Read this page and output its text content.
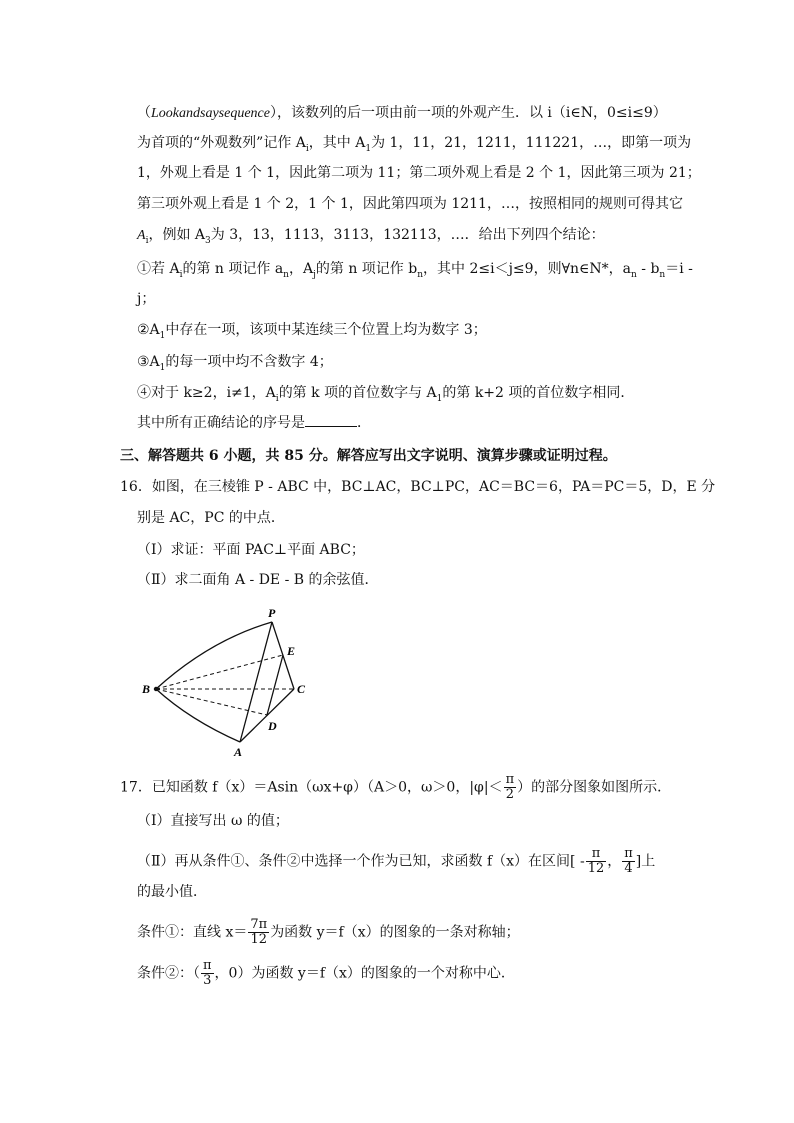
（Lookandsaysequence），该数列的后一项由前一项的外观产生．以 i（i∈N，0≤i≤9）
为首项的“外观数列”记作 $A_i$，其中 $A_1$为 1，11，21，1211，111221，…，即第一项为
1，外观上看是 1 个 1，因此第二项为 11；第二项外观上看是 2 个 1，因此第三项为 21；
第三项外观上看是 1 个 2，1 个 1，因此第四项为 1211，…，按照相同的规则可得其它
$A_i$，例如 $A_3$为 3，13，1113，3113，132113，…．给出下列四个结论：
①若 $A_i$的第 n 项记作 $a_n$，$A_j$的第 n 项记作 $b_n$，其中 2≤i＜j≤9，则∀n∈N*，$a_n - b_n=i$ -
j；
$②A_1$中存在一项，该项中某连续三个位置上均为数字 3；
$③A_1$的每一项中均不含数字 4；
④对于 k≥2，i≠1，$A_i$的第 k 项的首位数字与 $A_1$的第 k+2 项的首位数字相同．
其中所有正确结论的序号是	．
三、解答题共 6 小题，共 85 分。解答应写出文字说明、演算步骤或证明过程。
16．如图，在三棱锥 P - ABC 中，BC⊥AC，BC⊥PC，AC＝BC＝6，PA＝PC＝5，D，E 分
别是 AC，PC 的中点．
（Ⅰ）求证：平面 PAC⊥平面 ABC；
（Ⅱ）求二面角 A - DE - B 的余弦值．
P
E
B	C
D
A
17．已知函数 f（x）＝Asin（ωx+φ）（A＞0，ω＞0，$|\varphi|< \frac{\pi}{2}$ ）的部分图象如图所示．
（Ⅰ）直接写出 ω 的值；
（Ⅱ）再从条件①、条件②中选择一个作为已知，求函数 f（x）在区间[ - $\frac{\pi}{12}$ ， $\frac{\pi}{4}$ ]上
的最小值．
条件①：直线 $x= \frac{7\pi}{12}$ 为函数 y＝f（x）的图象的一条对称轴；
条件②：（ $\frac{\pi}{3}$ ，0）为函数 y＝f（x）的图象的一个对称中心．
